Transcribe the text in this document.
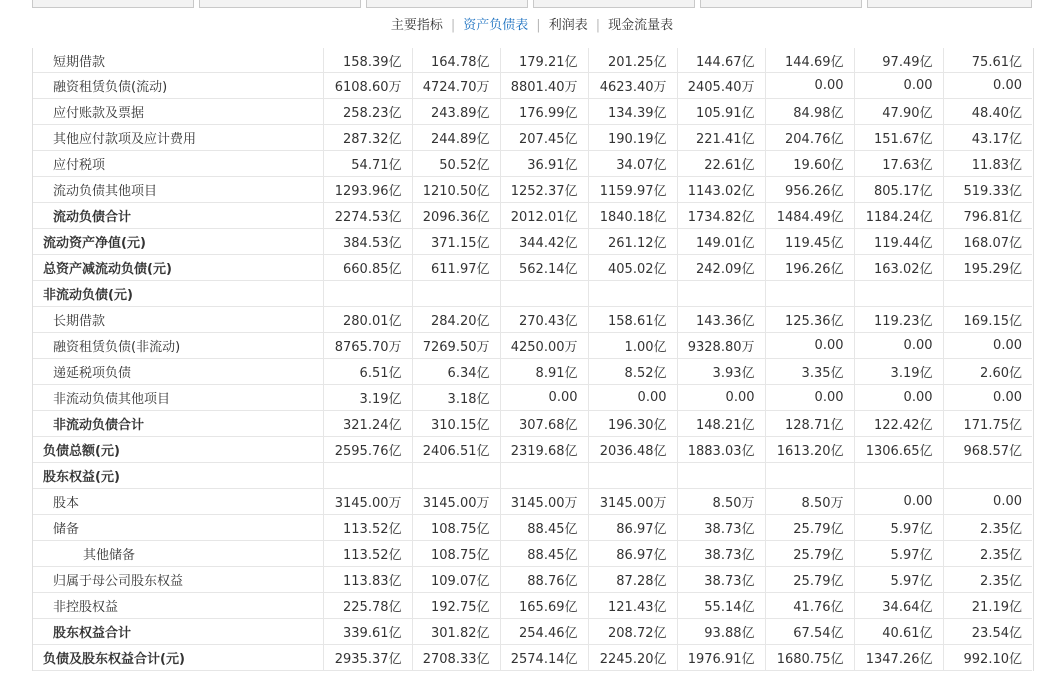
主要指标 | 资产负债表 | 利润表 | 现金流量表
短期借款	158.39亿	164.78亿	179.21亿	201.25亿	144.67亿	144.69亿	97.49亿	75.61亿
融资租赁负债(流动)	6108.60万	4724.70万	8801.40万	4623.40万	2405.40万	0.00	0.00	0.00
应付账款及票据	258.23亿	243.89亿	176.99亿	134.39亿	105.91亿	84.98亿	47.90亿	48.40亿
其他应付款项及应计费用	287.32亿	244.89亿	207.45亿	190.19亿	221.41亿	204.76亿	151.67亿	43.17亿
应付税项	54.71亿	50.52亿	36.91亿	34.07亿	22.61亿	19.60亿	17.63亿	11.83亿
流动负债其他项目	1293.96亿	1210.50亿	1252.37亿	1159.97亿	1143.02亿	956.26亿	805.17亿	519.33亿
流动负债合计	2274.53亿	2096.36亿	2012.01亿	1840.18亿	1734.82亿	1484.49亿	1184.24亿	796.81亿
流动资产净值(元)	384.53亿	371.15亿	344.42亿	261.12亿	149.01亿	119.45亿	119.44亿	168.07亿
总资产减流动负债(元)	660.85亿	611.97亿	562.14亿	405.02亿	242.09亿	196.26亿	163.02亿	195.29亿
非流动负债(元)								
长期借款	280.01亿	284.20亿	270.43亿	158.61亿	143.36亿	125.36亿	119.23亿	169.15亿
融资租赁负债(非流动)	8765.70万	7269.50万	4250.00万	1.00亿	9328.80万	0.00	0.00	0.00
递延税项负债	6.51亿	6.34亿	8.91亿	8.52亿	3.93亿	3.35亿	3.19亿	2.60亿
非流动负债其他项目	3.19亿	3.18亿	0.00	0.00	0.00	0.00	0.00	0.00
非流动负债合计	321.24亿	310.15亿	307.68亿	196.30亿	148.21亿	128.71亿	122.42亿	171.75亿
负债总额(元)	2595.76亿	2406.51亿	2319.68亿	2036.48亿	1883.03亿	1613.20亿	1306.65亿	968.57亿
股东权益(元)								
股本	3145.00万	3145.00万	3145.00万	3145.00万	8.50万	8.50万	0.00	0.00
储备	113.52亿	108.75亿	88.45亿	86.97亿	38.73亿	25.79亿	5.97亿	2.35亿
其他储备	113.52亿	108.75亿	88.45亿	86.97亿	38.73亿	25.79亿	5.97亿	2.35亿
归属于母公司股东权益	113.83亿	109.07亿	88.76亿	87.28亿	38.73亿	25.79亿	5.97亿	2.35亿
非控股权益	225.78亿	192.75亿	165.69亿	121.43亿	55.14亿	41.76亿	34.64亿	21.19亿
股东权益合计	339.61亿	301.82亿	254.46亿	208.72亿	93.88亿	67.54亿	40.61亿	23.54亿
负债及股东权益合计(元)	2935.37亿	2708.33亿	2574.14亿	2245.20亿	1976.91亿	1680.75亿	1347.26亿	992.10亿
